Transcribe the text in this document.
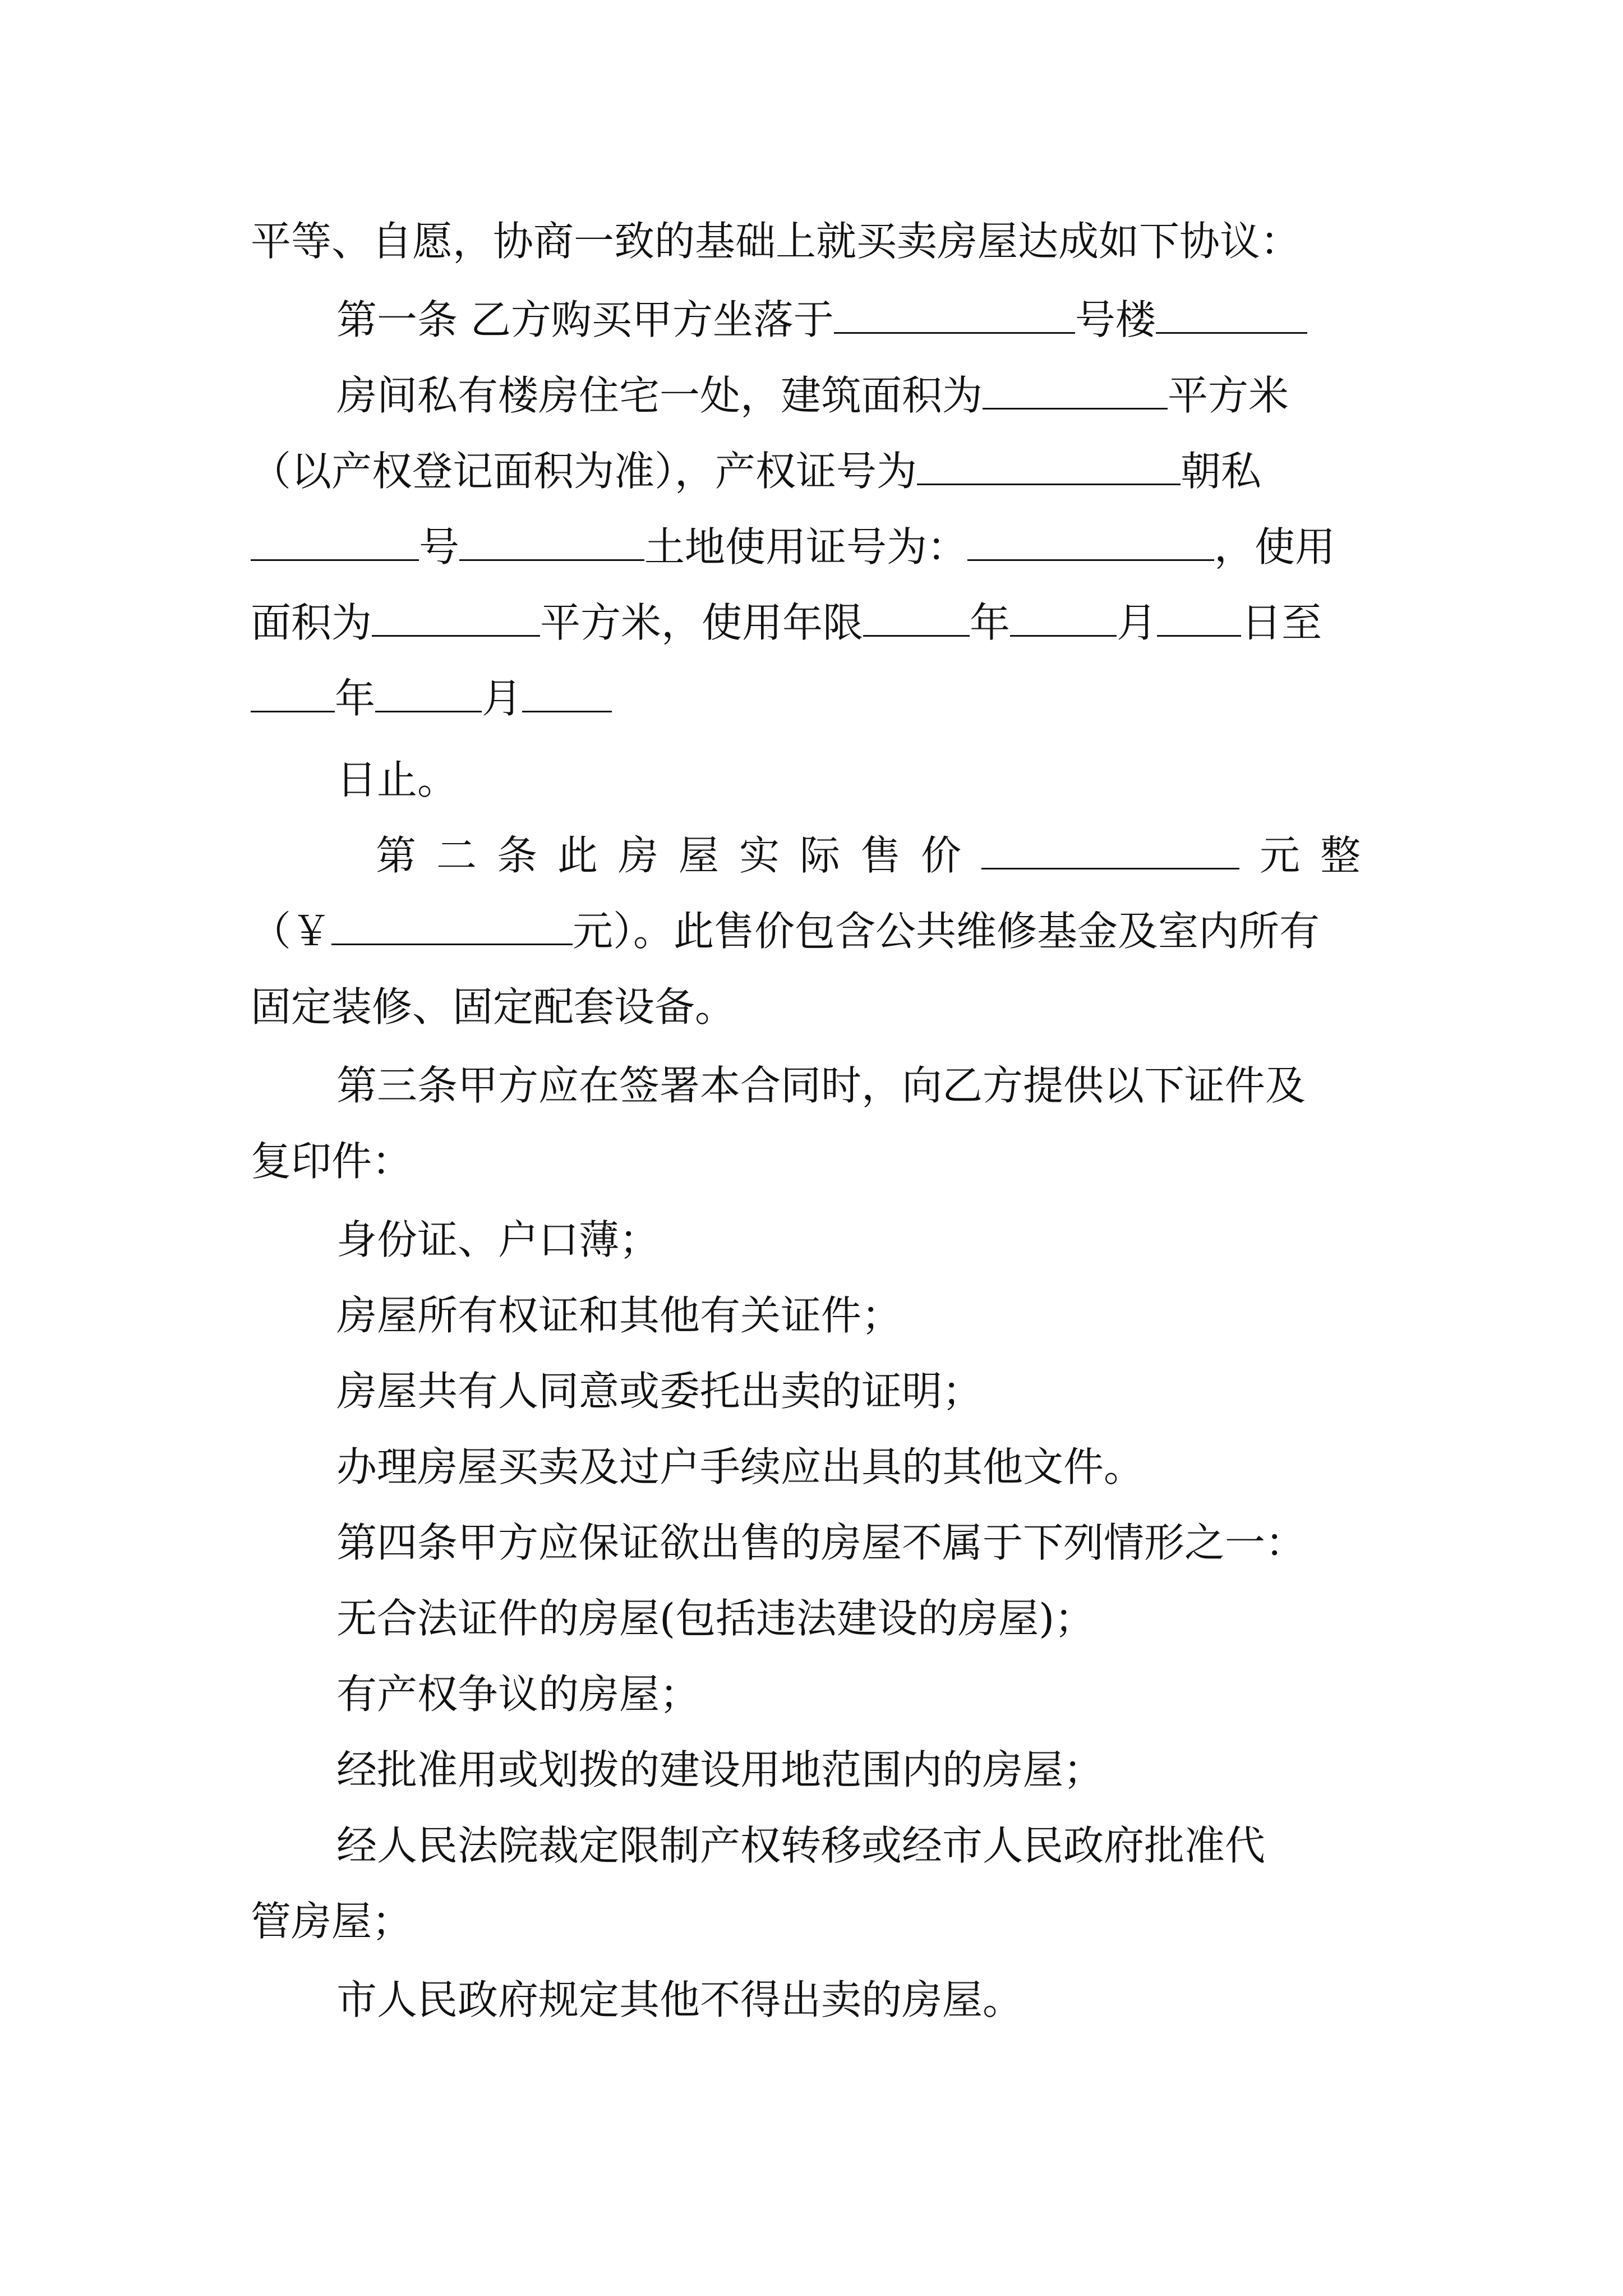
平等、自愿，协商一致的基础上就买卖房屋达成如下协议：
第一条 乙方购买甲方坐落于	号楼
房间私有楼房住宅一处，建筑面积为	平方米
（以产权登记面积为准），产权证号为	朝私
号	土地使用证号为：	，使用
面积为	平方米，使用年限	年	月 日至
年	月
日止。
第二条此房屋实际售价	元整
（￥	元）。此售价包含公共维修基金及室内所有
固定装修、固定配套设备。
第三条甲方应在签署本合同时，向乙方提供以下证件及
复印件：
身份证、户口薄；
房屋所有权证和其他有关证件；
房屋共有人同意或委托出卖的证明；
办理房屋买卖及过户手续应出具的其他文件。
第四条甲方应保证欲出售的房屋不属于下列情形之一：
无合法证件的房屋(包括违法建设的房屋)；
有产权争议的房屋；
经批准用或划拨的建设用地范围内的房屋；
经人民法院裁定限制产权转移或经市人民政府批准代
管房屋；
市人民政府规定其他不得出卖的房屋。
